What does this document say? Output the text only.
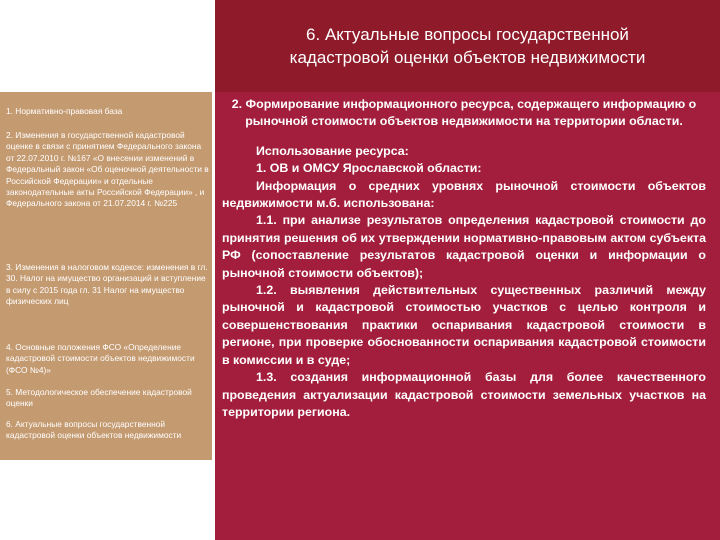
6. Актуальные вопросы государственной
кадастровой оценки объектов недвижимости

1. Нормативно-правовая база

2. Изменения в государственной кадастровой оценке в связи с принятием Федерального закона от 22.07.2010 г. №167 «О внесении изменений в Федеральный закон «Об оценочной деятельности в Российской Федерации» и отдельные законодательные акты Российской Федерации» , и Федерального закона от 21.07.2014 г. №225

3. Изменения в налоговом кодексе: изменения в гл. 30. Налог на имущество организаций и вступление в силу с 2015 года гл. 31 Налог на имущество физических лиц

4. Основные положения ФСО «Определение кадастровой стоимости объектов недвижимости (ФСО №4)»

5. Методологическое обеспечение кадастровой оценки

6. Актуальные вопросы государственной кадастровой оценки объектов недвижимости

2. Формирование информационного ресурса, содержащего информацию о рыночной стоимости объектов недвижимости на территории области.

Использование ресурса:

1. ОВ и ОМСУ Ярославской области:

Информация о средних уровнях рыночной стоимости объектов недвижимости м.б. использована:

1.1. при анализе результатов определения кадастровой стоимости до принятия решения об их утверждении нормативно-правовым актом субъекта РФ (сопоставление результатов кадастровой оценки и информации о рыночной стоимости объектов);

1.2. выявления действительных существенных различий между рыночной и кадастровой стоимостью участков с целью контроля и совершенствования практики оспаривания кадастровой стоимости в регионе, при проверке обоснованности оспаривания кадастровой стоимости в комиссии и в суде;

1.3. создания информационной базы для более качественного проведения актуализации кадастровой стоимости земельных участков на территории региона.
